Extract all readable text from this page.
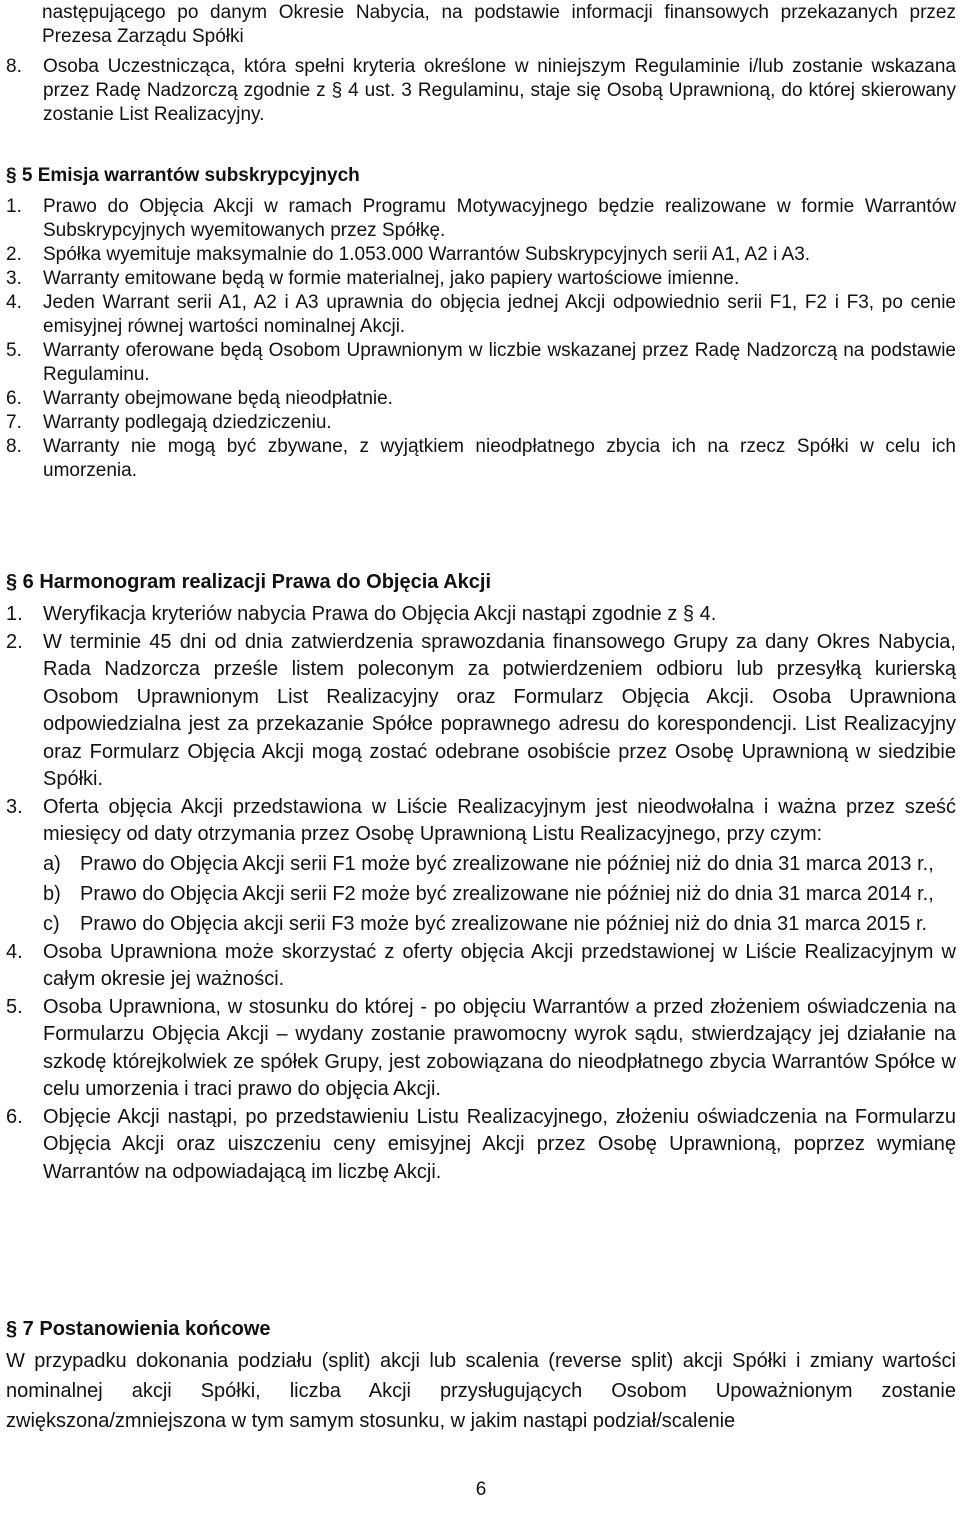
następującego po danym Okresie Nabycia, na podstawie informacji finansowych przekazanych przez Prezesa Zarządu Spółki
8.	Osoba Uczestnicząca, która spełni kryteria określone w niniejszym Regulaminie i/lub zostanie wskazana przez Radę Nadzorczą zgodnie z § 4 ust. 3 Regulaminu, staje się Osobą Uprawnioną, do której skierowany zostanie List Realizacyjny.
§ 5 Emisja warrantów subskrypcyjnych
1.	Prawo do Objęcia Akcji w ramach Programu Motywacyjnego będzie realizowane w formie Warrantów Subskrypcyjnych wyemitowanych przez Spółkę.
2.	Spółka wyemituje maksymalnie do 1.053.000 Warrantów Subskrypcyjnych serii A1, A2 i A3.
3.	Warranty emitowane będą w formie materialnej, jako papiery wartościowe imienne.
4.	Jeden Warrant serii A1, A2 i A3 uprawnia do objęcia jednej Akcji odpowiednio serii F1, F2 i F3, po cenie emisyjnej równej wartości nominalnej Akcji.
5.	Warranty oferowane będą Osobom Uprawnionym w liczbie wskazanej przez Radę Nadzorczą na podstawie Regulaminu.
6.	Warranty obejmowane będą nieodpłatnie.
7.	Warranty podlegają dziedziczeniu.
8.	Warranty nie mogą być zbywane, z wyjątkiem nieodpłatnego zbycia ich na rzecz Spółki w celu ich umorzenia.
§ 6 Harmonogram realizacji Prawa do Objęcia Akcji
1.	Weryfikacja kryteriów nabycia Prawa do Objęcia Akcji nastąpi zgodnie z § 4.
2.	W terminie 45 dni od dnia zatwierdzenia sprawozdania finansowego Grupy za dany Okres Nabycia, Rada Nadzorcza prześle listem poleconym za potwierdzeniem odbioru lub przesyłką kurierską Osobom Uprawnionym List Realizacyjny oraz Formularz Objęcia Akcji. Osoba Uprawniona odpowiedzialna jest za przekazanie Spółce poprawnego adresu do korespondencji. List Realizacyjny oraz Formularz Objęcia Akcji mogą zostać odebrane osobiście przez Osobę Uprawnioną w siedzibie Spółki.
3.	Oferta objęcia Akcji przedstawiona w Liście Realizacyjnym jest nieodwołalna i ważna przez sześć miesięcy od daty otrzymania przez Osobę Uprawnioną Listu Realizacyjnego, przy czym:
a) Prawo do Objęcia Akcji serii F1 może być zrealizowane nie później niż do dnia 31 marca 2013 r.,
b) Prawo do Objęcia Akcji serii F2 może być zrealizowane nie później niż do dnia 31 marca 2014 r.,
c)	Prawo do Objęcia akcji serii F3 może być zrealizowane nie później niż do dnia 31 marca 2015 r.
4.	Osoba Uprawniona może skorzystać z oferty objęcia Akcji przedstawionej w Liście Realizacyjnym w całym okresie jej ważności.
5.	Osoba Uprawniona, w stosunku do której - po objęciu Warrantów a przed złożeniem oświadczenia na Formularzu Objęcia Akcji – wydany zostanie prawomocny wyrok sądu, stwierdzający jej działanie na szkodę którejkolwiek ze spółek Grupy, jest zobowiązana do nieodpłatnego zbycia Warrantów Spółce w celu umorzenia i traci prawo do objęcia Akcji.
6.	Objęcie Akcji nastąpi, po przedstawieniu Listu Realizacyjnego, złożeniu oświadczenia na Formularzu Objęcia Akcji oraz uiszczeniu ceny emisyjnej Akcji przez Osobę Uprawnioną, poprzez wymianę Warrantów na odpowiadającą im liczbę Akcji.
§ 7 Postanowienia końcowe
W przypadku dokonania podziału (split) akcji lub scalenia (reverse split) akcji Spółki i zmiany wartości nominalnej akcji Spółki, liczba Akcji przysługujących Osobom Upoważnionym zostanie zwiększona/zmniejszona w tym samym stosunku, w jakim nastąpi podział/scalenie
6
